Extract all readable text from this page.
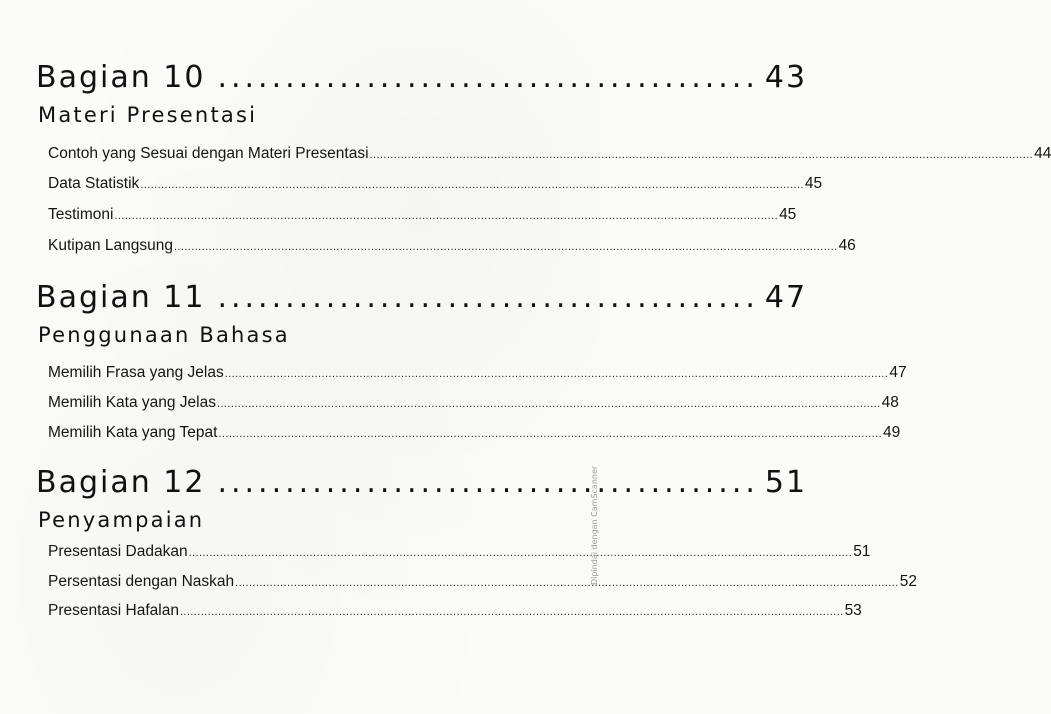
Bagian 10 ........................................ 43
Materi Presentasi
Contoh yang Sesuai dengan Materi Presentasi ................................................................................................................................................................................................ 44
Data Statistik ................................................................................................................................................................................................ 45
Testimoni ................................................................................................................................................................................................ 45
Kutipan Langsung ................................................................................................................................................................................................ 46
Bagian 11 ........................................ 47
Penggunaan Bahasa
Memilih Frasa yang Jelas ................................................................................................................................................................................................ 47
Memilih Kata yang Jelas ................................................................................................................................................................................................ 48
Memilih Kata yang Tepat ................................................................................................................................................................................................ 49
Bagian 12 ........................................ 51
Penyampaian
Presentasi Dadakan ................................................................................................................................................................................................ 51
Persentasi dengan Naskah ................................................................................................................................................................................................ 52
Presentasi Hafalan ................................................................................................................................................................................................ 53
Dipindai dengan CamScanner
